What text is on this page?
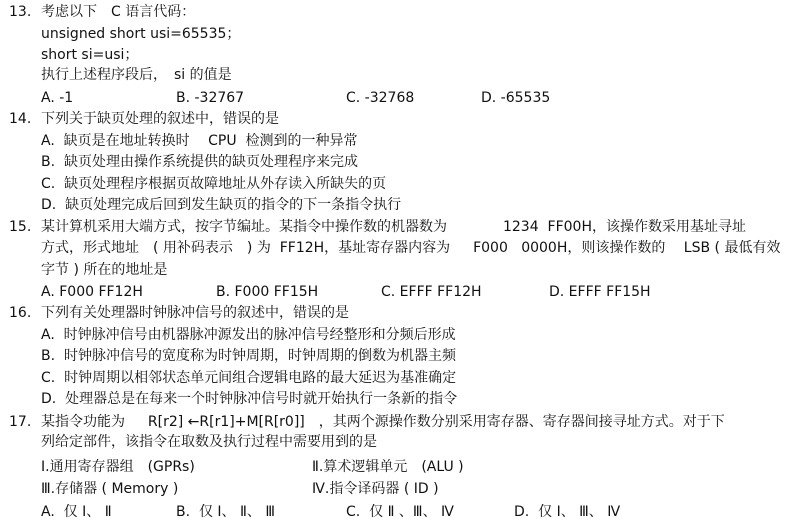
13. 考虑以下　C 语言代码：
unsigned short usi=65535；
short si=usi；
执行上述程序段后，　si 的值是
A. -1	B. -32767	C. -32768	D. -65535
14. 下列关于缺页处理的叙述中，错误的是
A.  缺页是在地址转换时　 CPU  检测到的一种异常
B.  缺页处理由操作系统提供的缺页处理程序来完成
C.  缺页处理程序根据页故障地址从外存读入所缺失的页
D.  缺页处理完成后回到发生缺页的指令的下一条指令执行
15. 某计算机采用大端方式，按字节编址。某指令中操作数的机器数为　　　　1234  FF00H，该操作数采用基址寻址
方式，形式地址　( 用补码表示　) 为  FF12H，基址寄存器内容为　  F000   0000H，则该操作数的　 LSB ( 最低有效
字节 ) 所在的地址是
A. F000 FF12H	B. F000 FF15H	C. EFFF FF12H	D. EFFF FF15H
16. 下列有关处理器时钟脉冲信号的叙述中，错误的是
A.  时钟脉冲信号由机器脉冲源发出的脉冲信号经整形和分频后形成
B.  时钟脉冲信号的宽度称为时钟周期，时钟周期的倒数为机器主频
C.  时钟周期以相邻状态单元间组合逻辑电路的最大延迟为基准确定
D.  处理器总是在每来一个时钟脉冲信号时就开始执行一条新的指令
17. 某指令功能为　  R[r2] ←R[r1]+M[R[r0]]　，其两个源操作数分别采用寄存器、寄存器间接寻址方式。对于下
列给定部件，该指令在取数及执行过程中需要用到的是
Ⅰ.通用寄存器组　(GPRs)	Ⅱ.算术逻辑单元　(ALU )
Ⅲ.存储器 ( Memory )	Ⅳ.指令译码器 ( ID )
A.  仅 Ⅰ、 Ⅱ	B.  仅 Ⅰ、 Ⅱ、 Ⅲ	C.  仅 Ⅱ 、Ⅲ、 Ⅳ	D.  仅 Ⅰ、 Ⅲ、 Ⅳ
